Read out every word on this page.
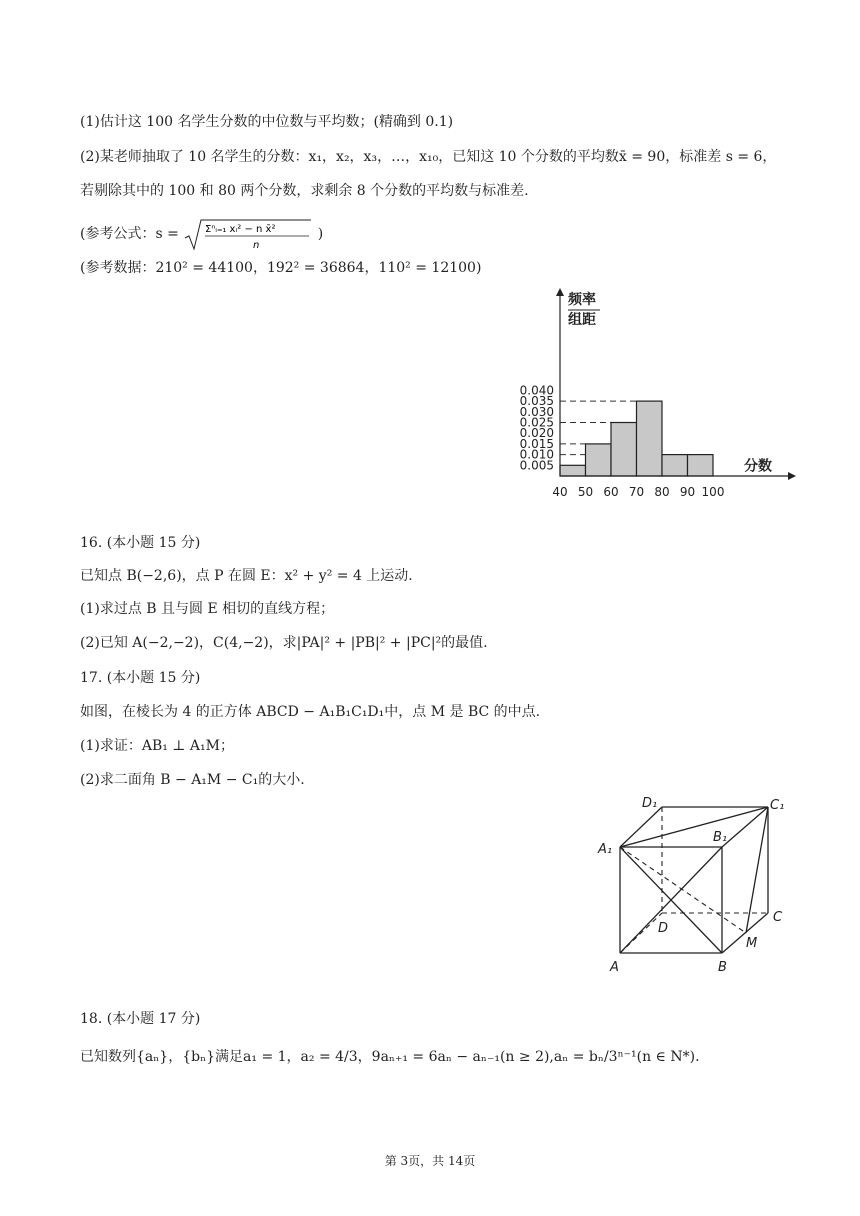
(1)估计这 100 名学生分数的中位数与平均数；(精确到 0.1)
(2)某老师抽取了 10 名学生的分数：x₁，x₂，x₃，…，x₁₀，已知这 10 个分数的平均数x̄ = 90，标准差 s = 6，
若剔除其中的 100 和 80 两个分数，求剩余 8 个分数的平均数与标准差.
(参考公式：s = Σⁿᵢ₌₁ xᵢ² − n x̄²
n
)
(参考数据：210² = 44100，192² = 36864，110² = 12100)
0.005
0.010
0.015
0.020
0.025
0.030
0.035
0.040
40 50 60 70 80 90 100
频率
组距
分数
16. (本小题 15 分)
已知点 B(−2,6)，点 P 在圆 E：x² + y² = 4 上运动.
(1)求过点 B 且与圆 E 相切的直线方程；
(2)已知 A(−2,−2)，C(4,−2)，求|PA|² + |PB|² + |PC|²的最值.
17. (本小题 15 分)
如图，在棱长为 4 的正方体 ABCD − A₁B₁C₁D₁中，点 M 是 BC 的中点.
(1)求证：AB₁ ⊥ A₁M；
(2)求二面角 B − A₁M − C₁的大小.
D₁	C₁
B₁
A₁
A	B
C
D
M
18. (本小题 17 分)
已知数列{aₙ}，{bₙ}满足a₁ = 1，a₂ = 4/3，9aₙ₊₁ = 6aₙ − aₙ₋₁(n ≥ 2),aₙ = bₙ/3ⁿ⁻¹(n ∈ N*).
第 3页，共 14页
